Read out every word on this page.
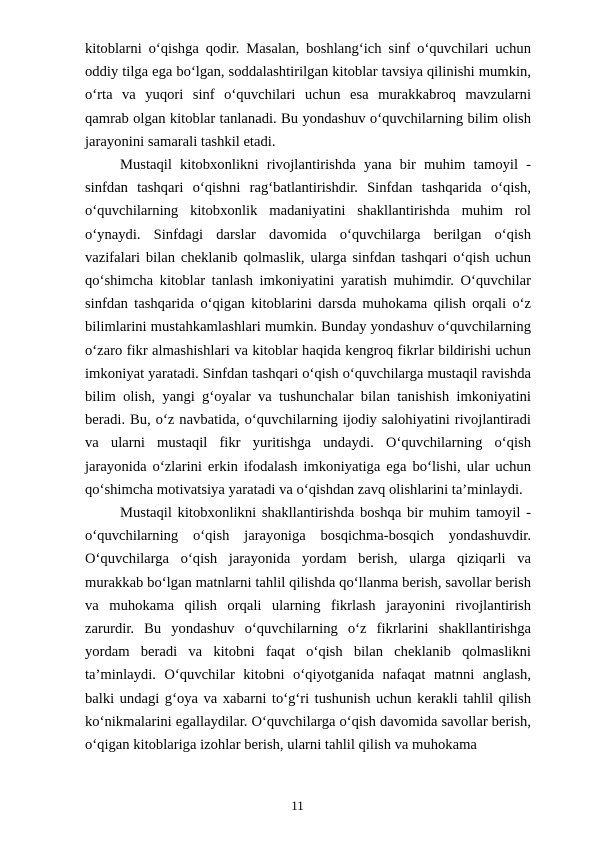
kitoblarni o‘qishga qodir. Masalan, boshlang‘ich sinf o‘quvchilari uchun oddiy tilga ega bo‘lgan, soddalashtirilgan kitoblar tavsiya qilinishi mumkin, o‘rta va yuqori sinf o‘quvchilari uchun esa murakkabroq mavzularni qamrab olgan kitoblar tanlanadi. Bu yondashuv o‘quvchilarning bilim olish jarayonini samarali tashkil etadi.

Mustaqil kitobxonlikni rivojlantirishda yana bir muhim tamoyil - sinfdan tashqari o‘qishni rag‘batlantirishdir. Sinfdan tashqarida o‘qish, o‘quvchilarning kitobxonlik madaniyatini shakllantirishda muhim rol o‘ynaydi. Sinfdagi darslar davomida o‘quvchilarga berilgan o‘qish vazifalari bilan cheklanib qolmaslik, ularga sinfdan tashqari o‘qish uchun qo‘shimcha kitoblar tanlash imkoniyatini yaratish muhimdir. O‘quvchilar sinfdan tashqarida o‘qigan kitoblarini darsda muhokama qilish orqali o‘z bilimlarini mustahkamlashlari mumkin. Bunday yondashuv o‘quvchilarning o‘zaro fikr almashishlari va kitoblar haqida kengroq fikrlar bildirishi uchun imkoniyat yaratadi. Sinfdan tashqari o‘qish o‘quvchilarga mustaqil ravishda bilim olish, yangi g‘oyalar va tushunchalar bilan tanishish imkoniyatini beradi. Bu, o‘z navbatida, o‘quvchilarning ijodiy salohiyatini rivojlantiradi va ularni mustaqil fikr yuritishga undaydi. O‘quvchilarning o‘qish jarayonida o‘zlarini erkin ifodalash imkoniyatiga ega bo‘lishi, ular uchun qo‘shimcha motivatsiya yaratadi va o‘qishdan zavq olishlarini ta’minlaydi.

Mustaqil kitobxonlikni shakllantirishda boshqa bir muhim tamoyil - o‘quvchilarning o‘qish jarayoniga bosqichma-bosqich yondashuvdir. O‘quvchilarga o‘qish jarayonida yordam berish, ularga qiziqarli va murakkab bo‘lgan matnlarni tahlil qilishda qo‘llanma berish, savollar berish va muhokama qilish orqali ularning fikrlash jarayonini rivojlantirish zarurdir. Bu yondashuv o‘quvchilarning o‘z fikrlarini shakllantirishga yordam beradi va kitobni faqat o‘qish bilan cheklanib qolmaslikni ta’minlaydi. O‘quvchilar kitobni o‘qiyotganida nafaqat matnni anglash, balki undagi g‘oya va xabarni to‘g‘ri tushunish uchun kerakli tahlil qilish ko‘nikmalarini egallaydilar. O‘quvchilarga o‘qish davomida savollar berish, o‘qigan kitoblariga izohlar berish, ularni tahlil qilish va muhokama

11
